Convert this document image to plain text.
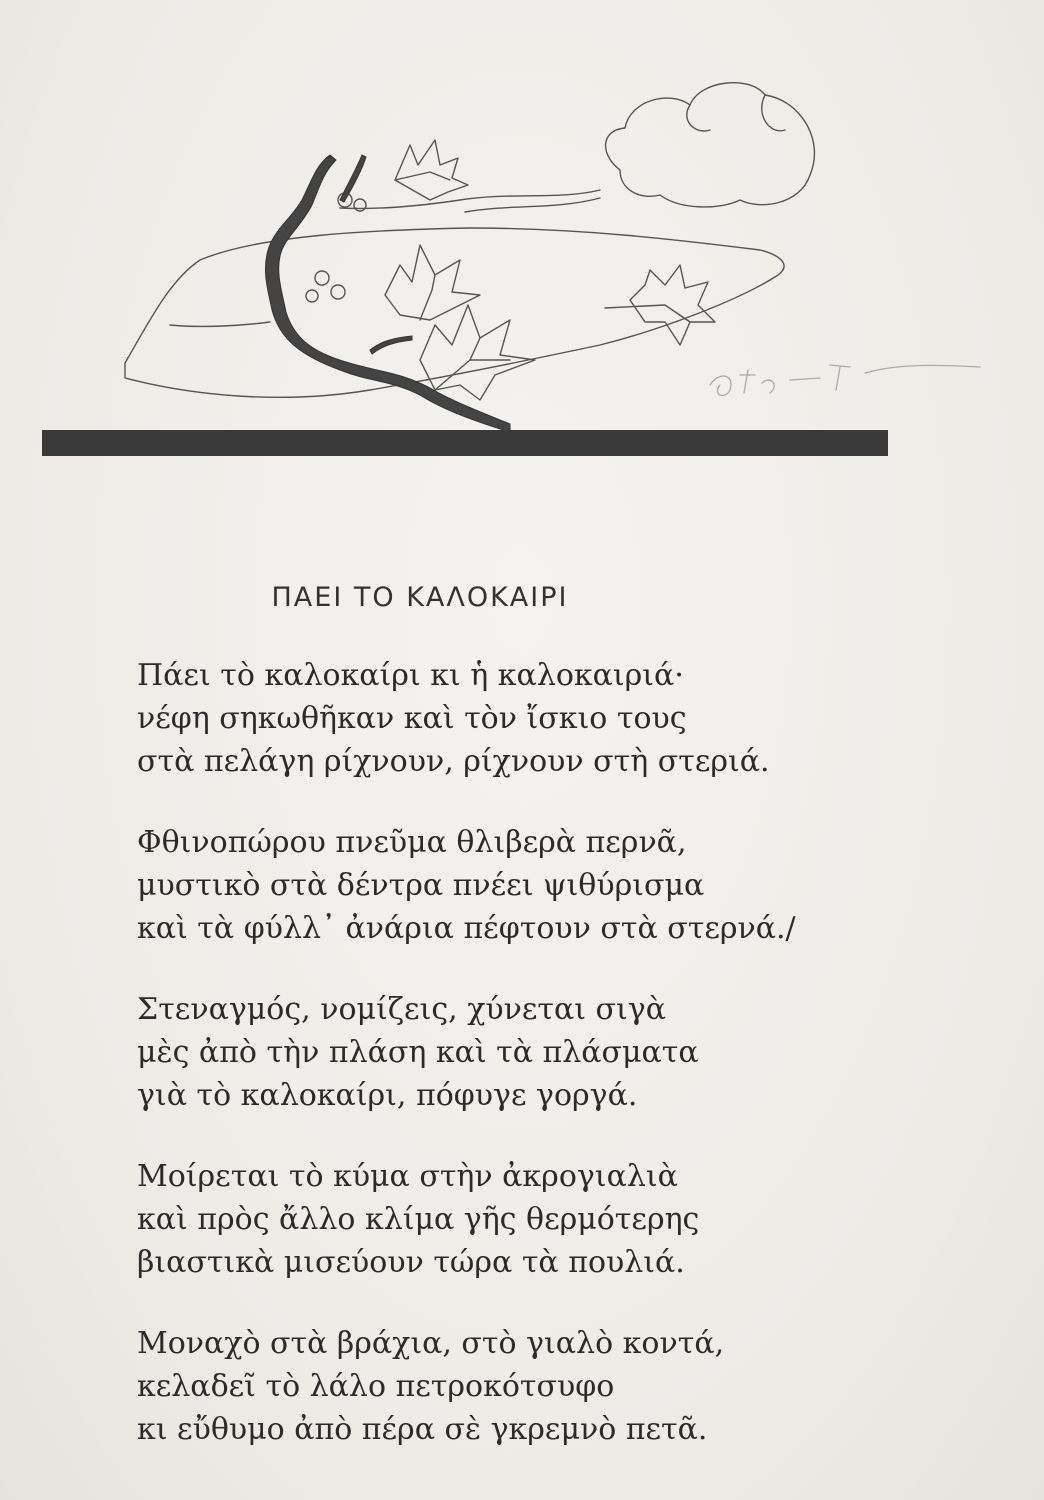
ΠΑΕΙ ΤΟ ΚΑΛΟΚΑΙΡΙ
Πάει τὸ καλοκαίρι κι ἡ καλοκαιριά·
νέφη σηκωθῆκαν καὶ τὸν ἴσκιο τους
στὰ πελάγη ρίχνουν, ρίχνουν στὴ στεριά.
Φθινοπώρου πνεῦμα θλιβερὰ περνᾶ,
μυστικὸ στὰ δέντρα πνέει ψιθύρισμα
καὶ τὰ φύλλ᾽ ἀνάρια πέφτουν στὰ στερνά./
Στεναγμός, νομίζεις, χύνεται σιγὰ
μὲς ἀπὸ τὴν πλάση καὶ τὰ πλάσματα
γιὰ τὸ καλοκαίρι, πόφυγε γοργά.
Μοίρεται τὸ κύμα στὴν ἀκρογιαλιὰ
καὶ πρὸς ἄλλο κλίμα γῆς θερμότερης
βιαστικὰ μισεύουν τώρα τὰ πουλιά.
Μοναχὸ στὰ βράχια, στὸ γιαλὸ κοντά,
κελαδεῖ τὸ λάλο πετροκότσυφο
κι εὔθυμο ἀπὸ πέρα σὲ γκρεμνὸ πετᾶ.
